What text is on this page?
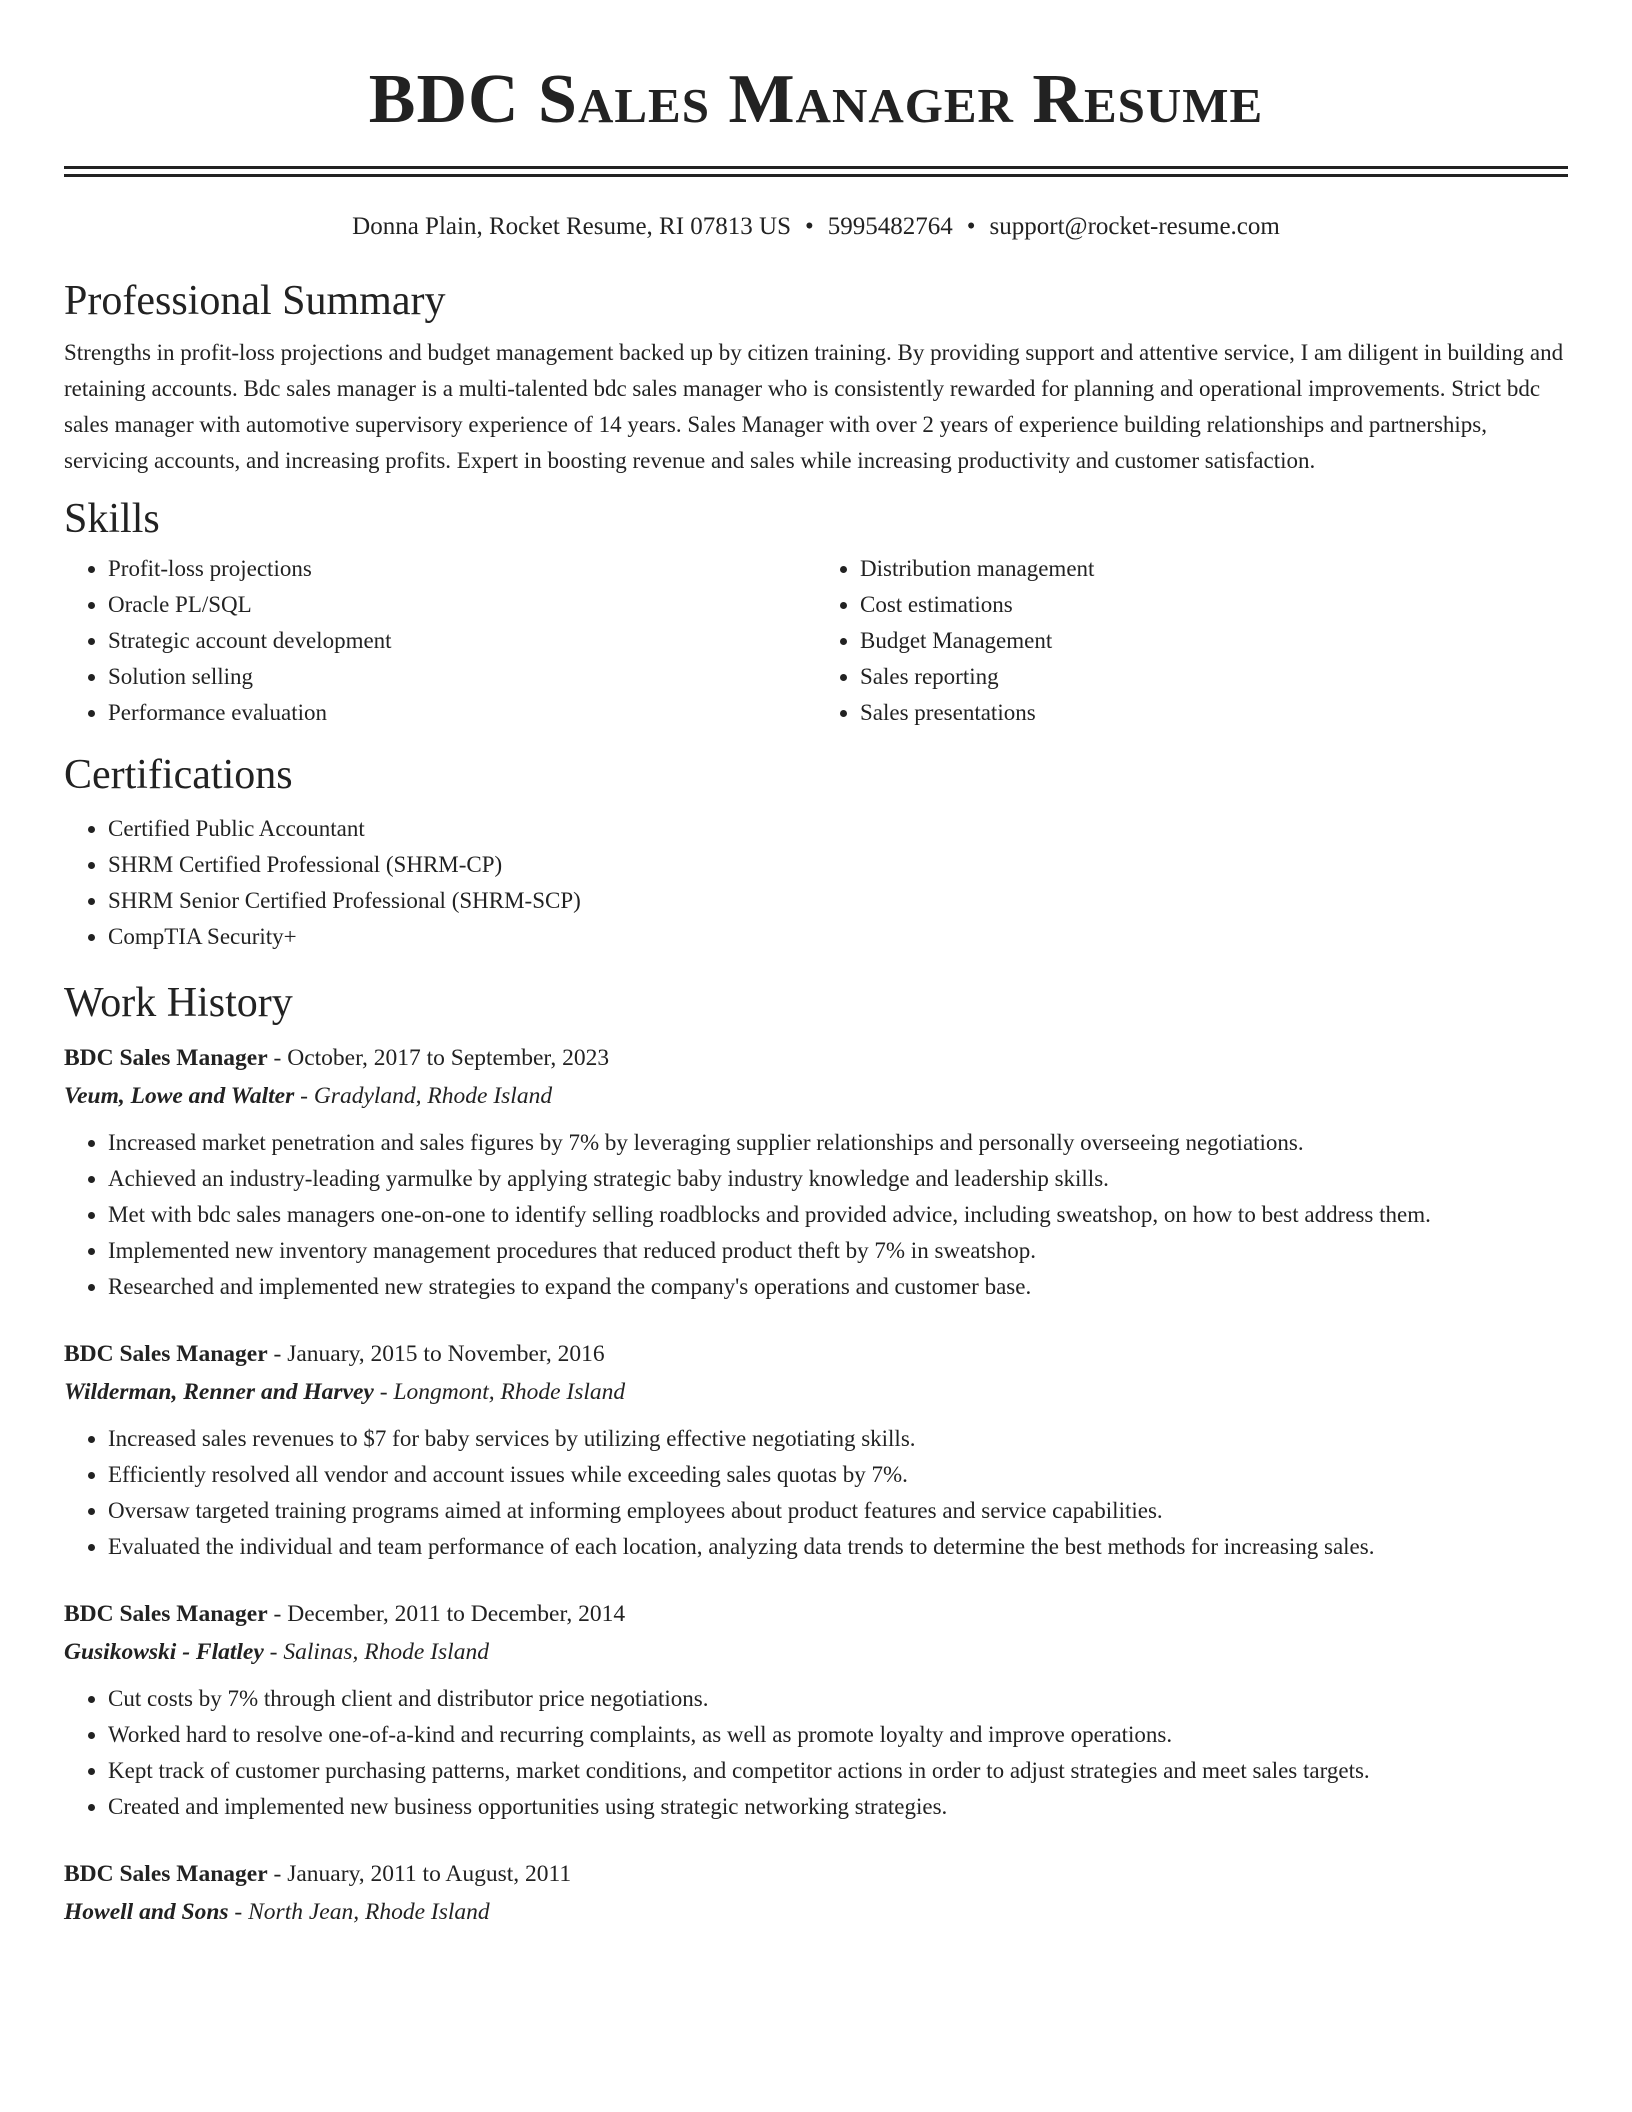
BDC Sales Manager Resume
Donna Plain, Rocket Resume, RI 07813 US • 5995482764 • support@rocket-resume.com
Professional Summary

Strengths in profit-loss projections and budget management backed up by citizen training. By providing support and attentive service, I am diligent in building and retaining accounts. Bdc sales manager is a multi-talented bdc sales manager who is consistently rewarded for planning and operational improvements. Strict bdc sales manager with automotive supervisory experience of 14 years. Sales Manager with over 2 years of experience building relationships and partnerships, servicing accounts, and increasing profits. Expert in boosting revenue and sales while increasing productivity and customer satisfaction.

Skills
• Profit-loss projections
• Oracle PL/SQL
• Strategic account development
• Solution selling
• Performance evaluation
• Distribution management
• Cost estimations
• Budget Management
• Sales reporting
• Sales presentations
Certifications
• Certified Public Accountant
• SHRM Certified Professional (SHRM-CP)
• SHRM Senior Certified Professional (SHRM-SCP)
• CompTIA Security+
Work History
BDC Sales Manager - October, 2017 to September, 2023
Veum, Lowe and Walter - Gradyland, Rhode Island
• Increased market penetration and sales figures by 7% by leveraging supplier relationships and personally overseeing negotiations.
• Achieved an industry-leading yarmulke by applying strategic baby industry knowledge and leadership skills.
• Met with bdc sales managers one-on-one to identify selling roadblocks and provided advice, including sweatshop, on how to best address them.
• Implemented new inventory management procedures that reduced product theft by 7% in sweatshop.
• Researched and implemented new strategies to expand the company's operations and customer base.
BDC Sales Manager - January, 2015 to November, 2016
Wilderman, Renner and Harvey - Longmont, Rhode Island
• Increased sales revenues to $7 for baby services by utilizing effective negotiating skills.
• Efficiently resolved all vendor and account issues while exceeding sales quotas by 7%.
• Oversaw targeted training programs aimed at informing employees about product features and service capabilities.
• Evaluated the individual and team performance of each location, analyzing data trends to determine the best methods for increasing sales.
BDC Sales Manager - December, 2011 to December, 2014
Gusikowski - Flatley - Salinas, Rhode Island
• Cut costs by 7% through client and distributor price negotiations.
• Worked hard to resolve one-of-a-kind and recurring complaints, as well as promote loyalty and improve operations.
• Kept track of customer purchasing patterns, market conditions, and competitor actions in order to adjust strategies and meet sales targets.
• Created and implemented new business opportunities using strategic networking strategies.
BDC Sales Manager - January, 2011 to August, 2011
Howell and Sons - North Jean, Rhode Island
